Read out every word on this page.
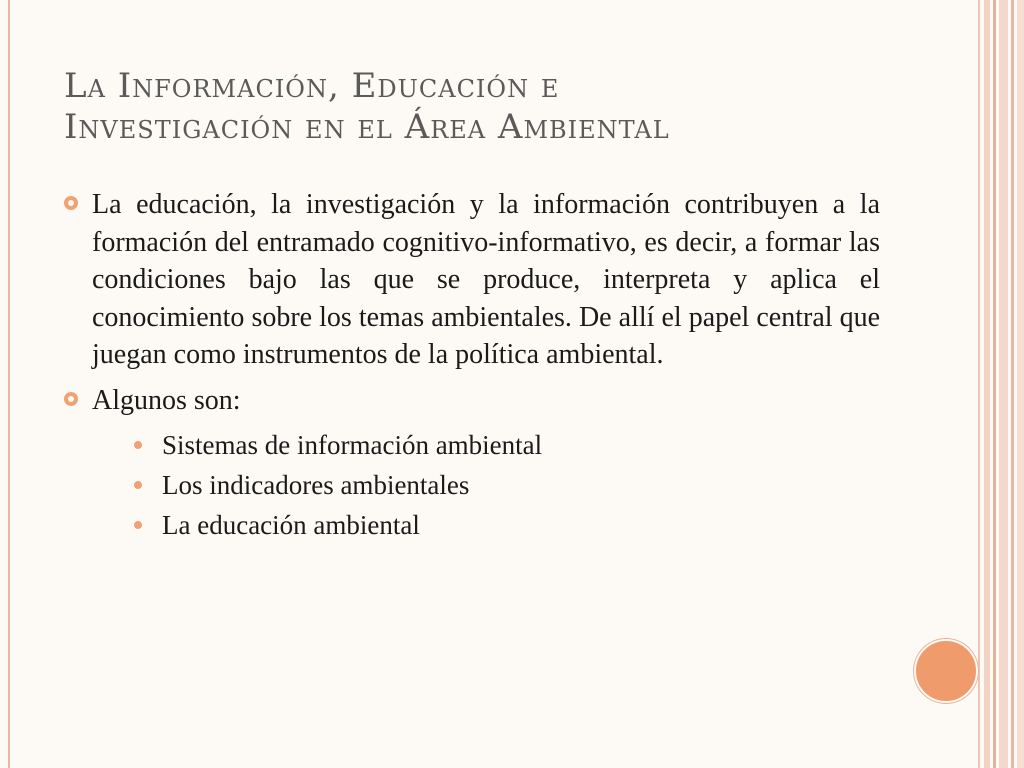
La Información, Educación e
Investigación en el Área Ambiental
La educación, la investigación y la información contribuyen a la formación del entramado cognitivo-informativo, es decir, a formar las condiciones bajo las que se produce, interpreta y aplica el conocimiento sobre los temas ambientales. De allí el papel central que juegan como instrumentos de la política ambiental.
Algunos son:
Sistemas de información ambiental
Los indicadores ambientales
La educación ambiental
